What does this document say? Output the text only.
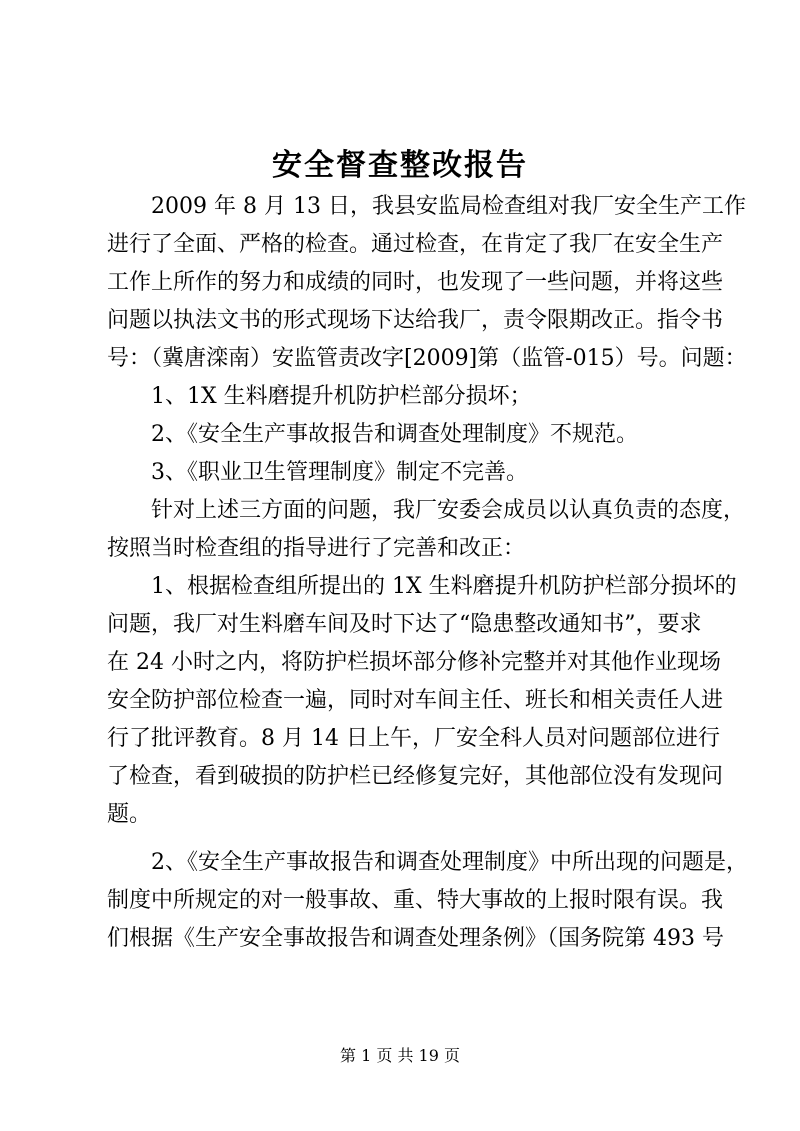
安全督查整改报告
2009 年 8 月 13 日，我县安监局检查组对我厂安全生产工作
进行了全面、严格的检查。通过检查，在肯定了我厂在安全生产
工作上所作的努力和成绩的同时，也发现了一些问题，并将这些
问题以执法文书的形式现场下达给我厂，责令限期改正。指令书
号：（冀唐滦南）安监管责改字[2009]第（监管-015）号。问题：
1、1X 生料磨提升机防护栏部分损坏；
2、《安全生产事故报告和调查处理制度》不规范。
3、《职业卫生管理制度》制定不完善。
针对上述三方面的问题，我厂安委会成员以认真负责的态度，
按照当时检查组的指导进行了完善和改正：
1、根据检查组所提出的 1X 生料磨提升机防护栏部分损坏的
问题，我厂对生料磨车间及时下达了“隐患整改通知书”，要求
在 24 小时之内，将防护栏损坏部分修补完整并对其他作业现场
安全防护部位检查一遍，同时对车间主任、班长和相关责任人进
行了批评教育。8 月 14 日上午，厂安全科人员对问题部位进行
了检查，看到破损的防护栏已经修复完好，其他部位没有发现问
题。
2、《安全生产事故报告和调查处理制度》中所出现的问题是，
制度中所规定的对一般事故、重、特大事故的上报时限有误。我
们根据《生产安全事故报告和调查处理条例》（国务院第 493 号
第 1 页 共 19 页
